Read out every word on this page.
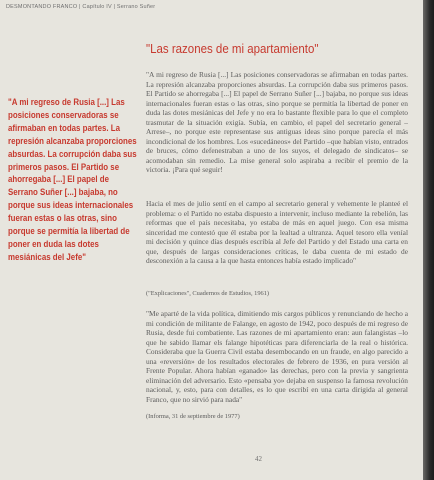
DESMONTANDO FRANCO | Capítulo IV | Serrano Suñer
"Las razones de mi apartamiento"
"A mi regreso de Rusia [...] Las
posiciones conservadoras se
afirmaban en todas partes. La
represión alcanzaba proporciones
absurdas. La corrupción daba sus
primeros pasos. El Partido se
ahorregaba [...] El papel de
Serrano Suñer [...] bajaba, no
porque sus ideas internacionales
fueran estas o las otras, sino
porque se permitía la libertad de
poner en duda las dotes
mesiánicas del Jefe"
"A mi regreso de Rusia [...] Las posiciones conservadoras se afirmaban en todas partes. La represión alcanzaba proporciones absurdas. La corrupción daba sus primeros pasos. El Partido se ahorregaba [...] El papel de Serrano Suñer [...] bajaba, no porque sus ideas internacionales fueran estas o las otras, sino porque se permitía la libertad de poner en duda las dotes mesiánicas del Jefe y no era lo bastante flexible para lo que el completo trasmutar de la situación exigía. Subía, en cambio, el papel del secretario general –Arrese–, no porque este representase sus antiguas ideas sino porque parecía el más incondicional de los hombres. Los «sucedáneos» del Partido –que habían visto, entrados de bruces, cómo defenestraban a uno de los suyos, el delegado de sindicatos– se acomodaban sin remedio. La mise general solo aspiraba a recibir el premio de la victoria. ¡Para qué seguir!
Hacia el mes de julio sentí en el campo al secretario general y vehemente le planteé el problema: o el Partido no estaba dispuesto a intervenir, incluso mediante la rebelión, las reformas que el país necesitaba, yo estaba de más en aquel juego. Con esa misma sinceridad me contestó que él estaba por la lealtad a ultranza. Aquel tesoro ella veníal mi decisión y quince días después escribía al Jefe del Partido y del Estado una carta en que, después de largas consideraciones críticas, le daba cuenta de mi estado de desconexión a la causa a la que hasta entonces había estado implicado"
("Explicaciones", Cuadernos de Estudios, 1961)
"Me aparté de la vida política, dimitiendo mis cargos públicos y renunciando de hecho a mi condición de militante de Falange, en agosto de 1942, poco después de mi regreso de Rusia, desde fui combatiente. Las razones de mi apartamiento eran: aun falangistas –lo que he sabido llamar els falange hipotéticas para diferenciarla de la real o histórica. Consideraba que la Guerra Civil estaba desembocando en un fraude, en algo parecido a una «reversión» de los resultados electorales de febrero de 1936, en pura versión al Frente Popular. Ahora habían «ganado» las derechas, pero con la previa y sangrienta eliminación del adversario. Esto «pensaba yo» dejaba en suspenso la famosa revolución nacional, y, esto, para con detalles, es lo que escribí en una carta dirigida al general Franco, que no sirvió para nada"
(Informa, 31 de septiembre de 1977)
42
